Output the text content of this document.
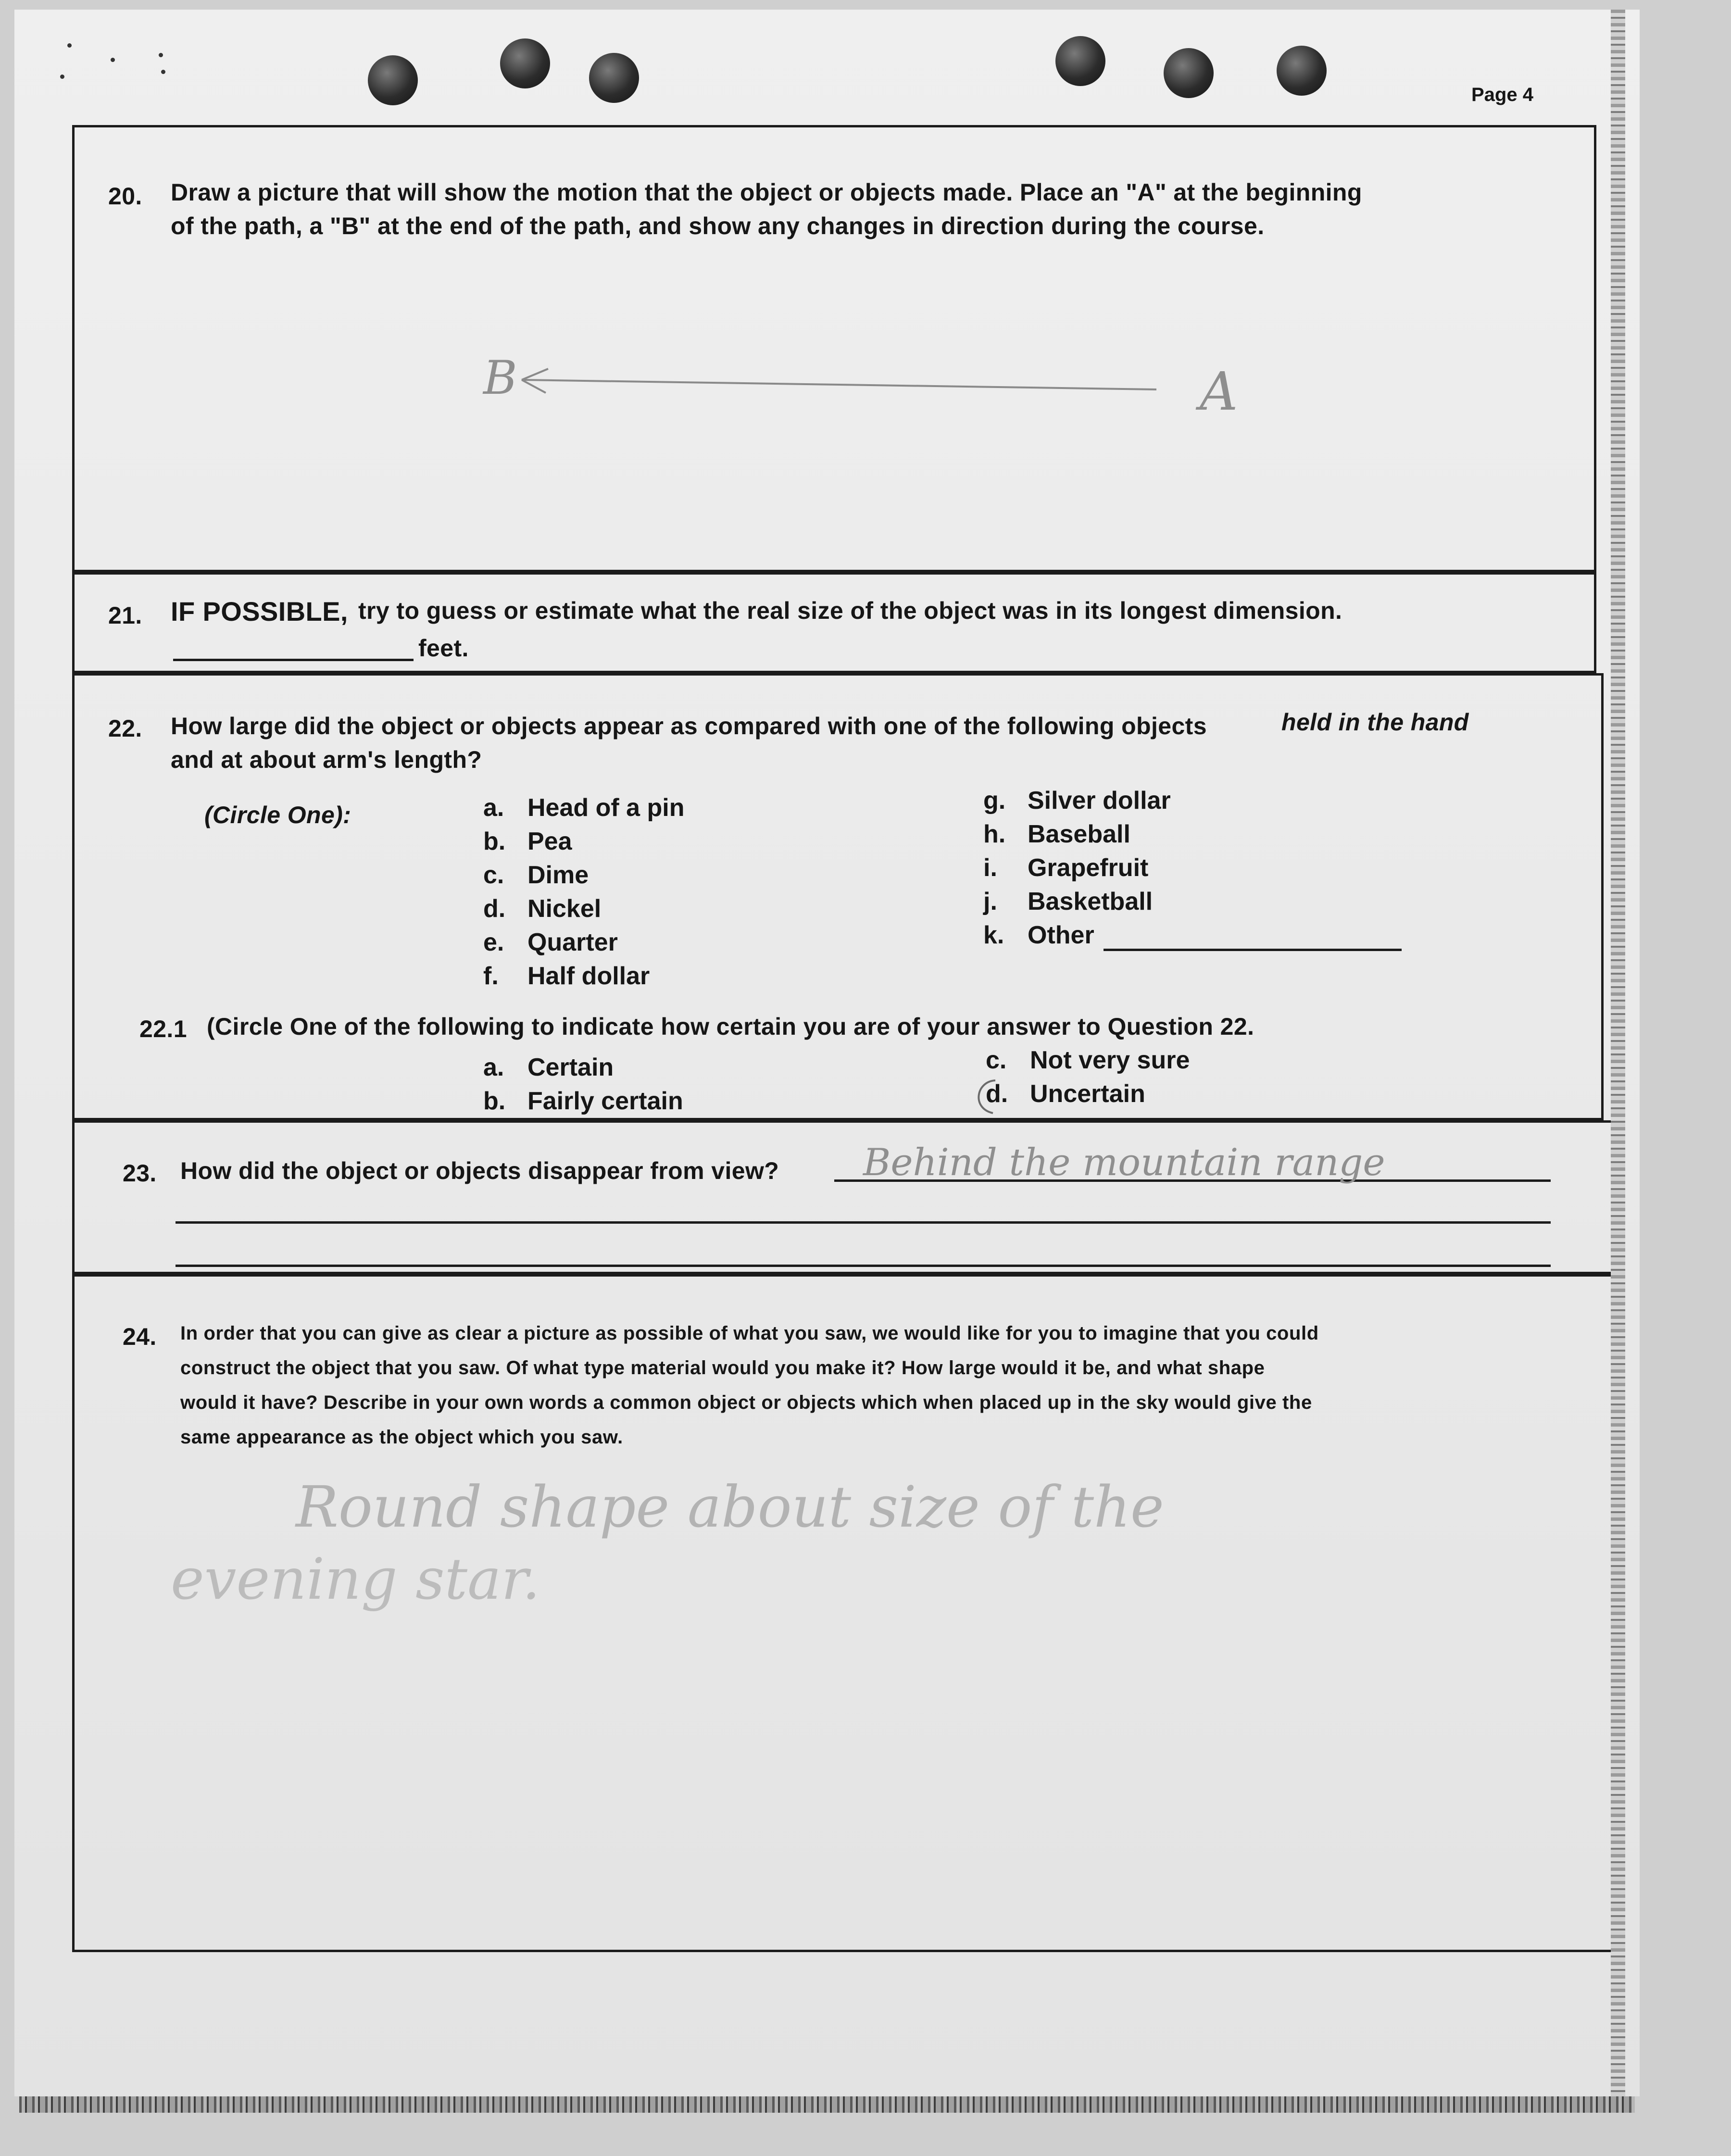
Page 4
20. Draw a picture that will show the motion that the object or objects made. Place an "A" at the beginning
of the path, a "B" at the end of the path, and show any changes in direction during the course.
B	A
21. IF POSSIBLE, try to guess or estimate what the real size of the object was in its longest dimension.
feet.
22. How large did the object or objects appear as compared with one of the following objects	held in the hand
and at about arm's length?
(Circle One):	a. Head of a pin
b. Pea
c. Dime
d. Nickel
e. Quarter
f. Half dollar
g. Silver dollar
h. Baseball
i. Grapefruit
j. Basketball
k. Other
22.1 (Circle One of the following to indicate how certain you are of your answer to Question 22.
a. Certain
b. Fairly certain
c. Not very sure
d. Uncertain
23. How did the object or objects disappear from view? Behind the mountain range
24. In order that you can give as clear a picture as possible of what you saw, we would like for you to imagine that you could
construct the object that you saw. Of what type material would you make it? How large would it be, and what shape
would it have? Describe in your own words a common object or objects which when placed up in the sky would give the
same appearance as the object which you saw.
Round shape about size of the
evening star.
